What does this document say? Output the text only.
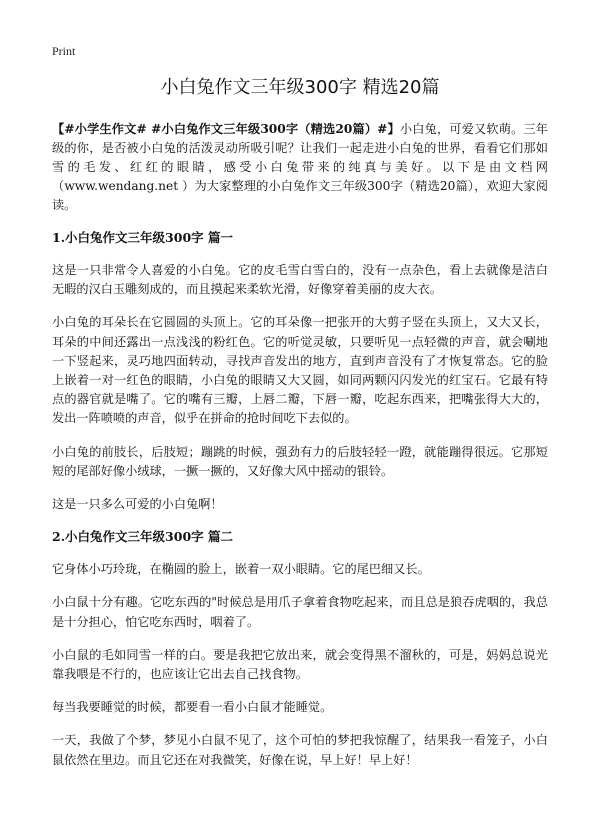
Print
小白兔作文三年级300字 精选20篇

【#小学生作文# #小白兔作文三年级300字（精选20篇）#】小白兔，可爱又软萌。三年级的你，是否被小白兔的活泼灵动所吸引呢？让我们一起走进小白兔的世界，看看它们那如雪的毛发、红红的眼睛，感受小白兔带来的纯真与美好。以下是由文档网（www.wendang.net ）为大家整理的小白兔作文三年级300字（精选20篇），欢迎大家阅读。

1.小白兔作文三年级300字 篇一

这是一只非常令人喜爱的小白兔。它的皮毛雪白雪白的，没有一点杂色，看上去就像是洁白无暇的汉白玉雕刻成的，而且摸起来柔软光滑，好像穿着美丽的皮大衣。

小白兔的耳朵长在它圆圆的头顶上。它的耳朵像一把张开的大剪子竖在头顶上，又大又长，耳朵的中间还露出一点浅浅的粉红色。它的听觉灵敏，只要听见一点轻微的声音，就会唰地一下竖起来，灵巧地四面转动，寻找声音发出的地方，直到声音没有了才恢复常态。它的脸上嵌着一对一红色的眼睛，小白兔的眼睛又大又圆，如同两颗闪闪发光的红宝石。它最有特点的器官就是嘴了。它的嘴有三瓣，上唇二瓣，下唇一瓣，吃起东西来，把嘴张得大大的，发出一阵喷喷的声音，似乎在拼命的抢时间吃下去似的。

小白兔的前肢长，后肢短；蹦跳的时候，强劲有力的后肢轻轻一蹬，就能蹦得很远。它那短短的尾部好像小绒球，一撅一撅的，又好像大风中摇动的银铃。

这是一只多么可爱的小白兔啊！

2.小白兔作文三年级300字 篇二

它身体小巧玲珑，在椭圆的脸上，嵌着一双小眼睛。它的尾巴细又长。

小白鼠十分有趣。它吃东西的"时候总是用爪子拿着食物吃起来，而且总是狼吞虎咽的，我总是十分担心，怕它吃东西时，咽着了。

小白鼠的毛如同雪一样的白。要是我把它放出来，就会变得黑不溜秋的，可是，妈妈总说光靠我喂是不行的，也应该让它出去自己找食物。

每当我要睡觉的时候，都要看一看小白鼠才能睡觉。

一天，我做了个梦，梦见小白鼠不见了，这个可怕的梦把我惊醒了，结果我一看笼子，小白鼠依然在里边。而且它还在对我微笑，好像在说，早上好！早上好！
